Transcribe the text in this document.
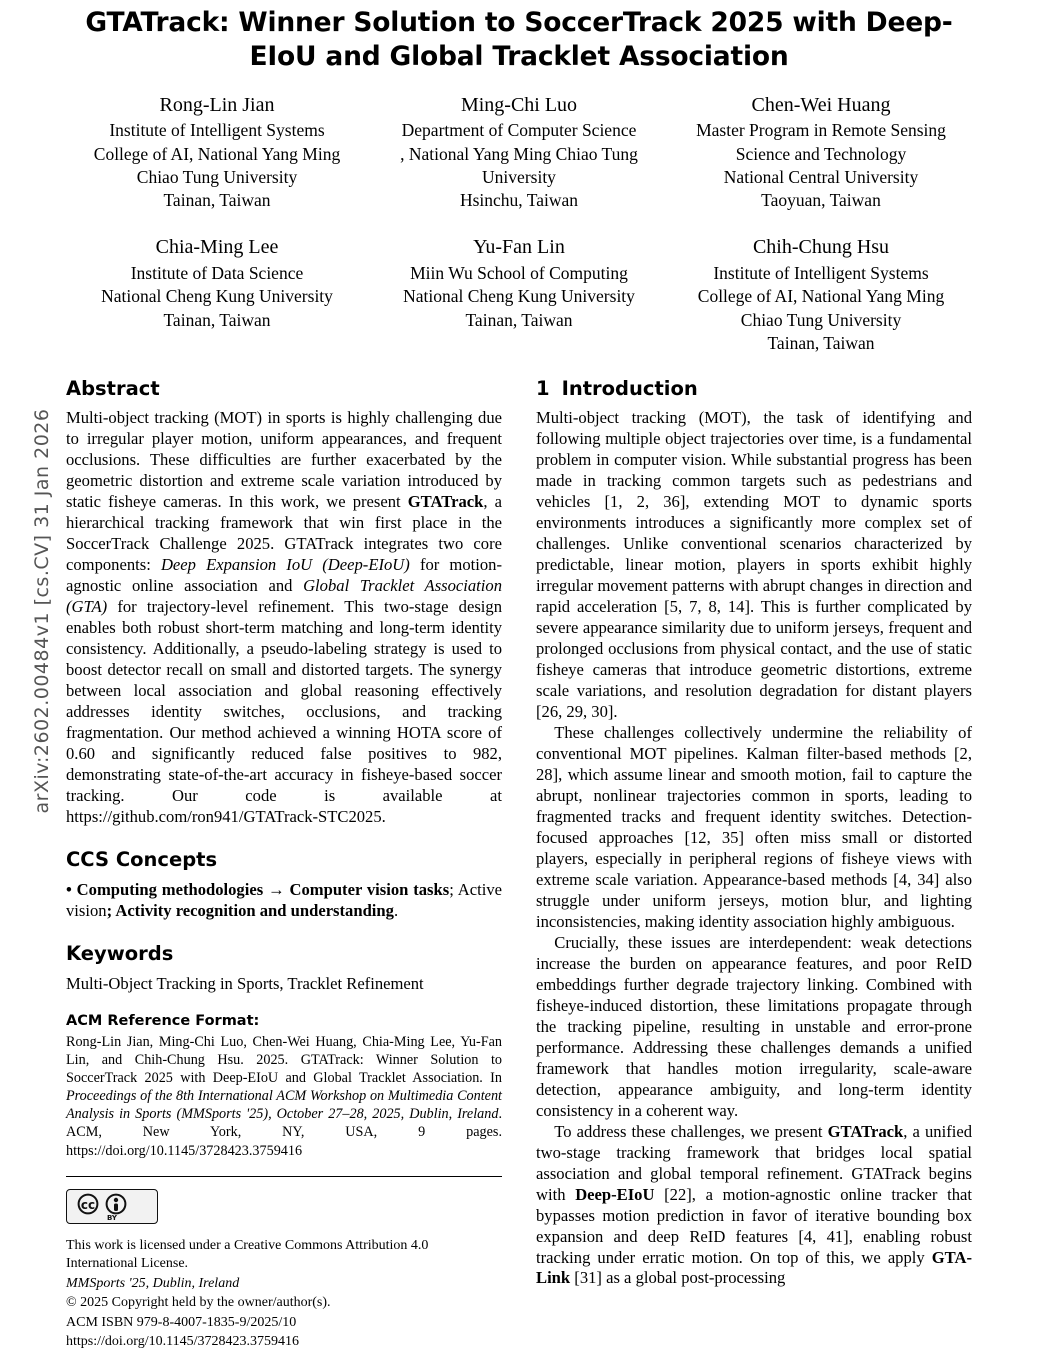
arXiv:2602.00484v1 [cs.CV] 31 Jan 2026
GTATrack: Winner Solution to SoccerTrack 2025 with Deep-EIoU and Global Tracklet Association
Rong-Lin Jian
Institute of Intelligent Systems
College of AI, National Yang Ming
Chiao Tung University
Tainan, Taiwan
Ming-Chi Luo
Department of Computer Science
, National Yang Ming Chiao Tung
University
Hsinchu, Taiwan
Chen-Wei Huang
Master Program in Remote Sensing
Science and Technology
National Central University
Taoyuan, Taiwan
Chia-Ming Lee
Institute of Data Science
National Cheng Kung University
Tainan, Taiwan
Yu-Fan Lin
Miin Wu School of Computing
National Cheng Kung University
Tainan, Taiwan
Chih-Chung Hsu
Institute of Intelligent Systems
College of AI, National Yang Ming
Chiao Tung University
Tainan, Taiwan
Abstract

Multi-object tracking (MOT) in sports is highly challenging due to irregular player motion, uniform appearances, and frequent occlusions. These difficulties are further exacerbated by the geometric distortion and extreme scale variation introduced by static fisheye cameras. In this work, we present GTATrack, a hierarchical tracking framework that win first place in the SoccerTrack Challenge 2025. GTATrack integrates two core components: Deep Expansion IoU (Deep-EIoU) for motion-agnostic online association and Global Tracklet Association (GTA) for trajectory-level refinement. This two-stage design enables both robust short-term matching and long-term identity consistency. Additionally, a pseudo-labeling strategy is used to boost detector recall on small and distorted targets. The synergy between local association and global reasoning effectively addresses identity switches, occlusions, and tracking fragmentation. Our method achieved a winning HOTA score of 0.60 and significantly reduced false positives to 982, demonstrating state-of-the-art accuracy in fisheye-based soccer tracking. Our code is available at https://github.com/ron941/GTATrack-STC2025.

CCS Concepts
• Computing methodologies → Computer vision tasks; Active vision; Activity recognition and understanding.
Keywords
Multi-Object Tracking in Sports, Tracklet Refinement
ACM Reference Format:
Rong-Lin Jian, Ming-Chi Luo, Chen-Wei Huang, Chia-Ming Lee, Yu-Fan Lin, and Chih-Chung Hsu. 2025. GTATrack: Winner Solution to SoccerTrack 2025 with Deep-EIoU and Global Tracklet Association. In Proceedings of the 8th International ACM Workshop on Multimedia Content Analysis in Sports (MMSports '25), October 27–28, 2025, Dublin, Ireland. ACM, New York, NY, USA, 9 pages. https://doi.org/10.1145/3728423.3759416
cc
BY
This work is licensed under a Creative Commons Attribution 4.0 International License.
MMSports '25, Dublin, Ireland
© 2025 Copyright held by the owner/author(s).
ACM ISBN 979-8-4007-1835-9/2025/10
https://doi.org/10.1145/3728423.3759416
1 Introduction

Multi-object tracking (MOT), the task of identifying and following multiple object trajectories over time, is a fundamental problem in computer vision. While substantial progress has been made in tracking common targets such as pedestrians and vehicles [1, 2, 36], extending MOT to dynamic sports environments introduces a significantly more complex set of challenges. Unlike conventional scenarios characterized by predictable, linear motion, players in sports exhibit highly irregular movement patterns with abrupt changes in direction and rapid acceleration [5, 7, 8, 14]. This is further complicated by severe appearance similarity due to uniform jerseys, frequent and prolonged occlusions from physical contact, and the use of static fisheye cameras that introduce geometric distortions, extreme scale variations, and resolution degradation for distant players [26, 29, 30].

These challenges collectively undermine the reliability of conventional MOT pipelines. Kalman filter-based methods [2, 28], which assume linear and smooth motion, fail to capture the abrupt, nonlinear trajectories common in sports, leading to fragmented tracks and frequent identity switches. Detection-focused approaches [12, 35] often miss small or distorted players, especially in peripheral regions of fisheye views with extreme scale variation. Appearance-based methods [4, 34] also struggle under uniform jerseys, motion blur, and lighting inconsistencies, making identity association highly ambiguous.

Crucially, these issues are interdependent: weak detections increase the burden on appearance features, and poor ReID embeddings further degrade trajectory linking. Combined with fisheye-induced distortion, these limitations propagate through the tracking pipeline, resulting in unstable and error-prone performance. Addressing these challenges demands a unified framework that handles motion irregularity, scale-aware detection, appearance ambiguity, and long-term identity consistency in a coherent way.

To address these challenges, we present GTATrack, a unified two-stage tracking framework that bridges local spatial association and global temporal refinement. GTATrack begins with Deep-EIoU [22], a motion-agnostic online tracker that bypasses motion prediction in favor of iterative bounding box expansion and deep ReID features [4, 41], enabling robust tracking under erratic motion. On top of this, we apply GTA-Link [31] as a global post-processing
